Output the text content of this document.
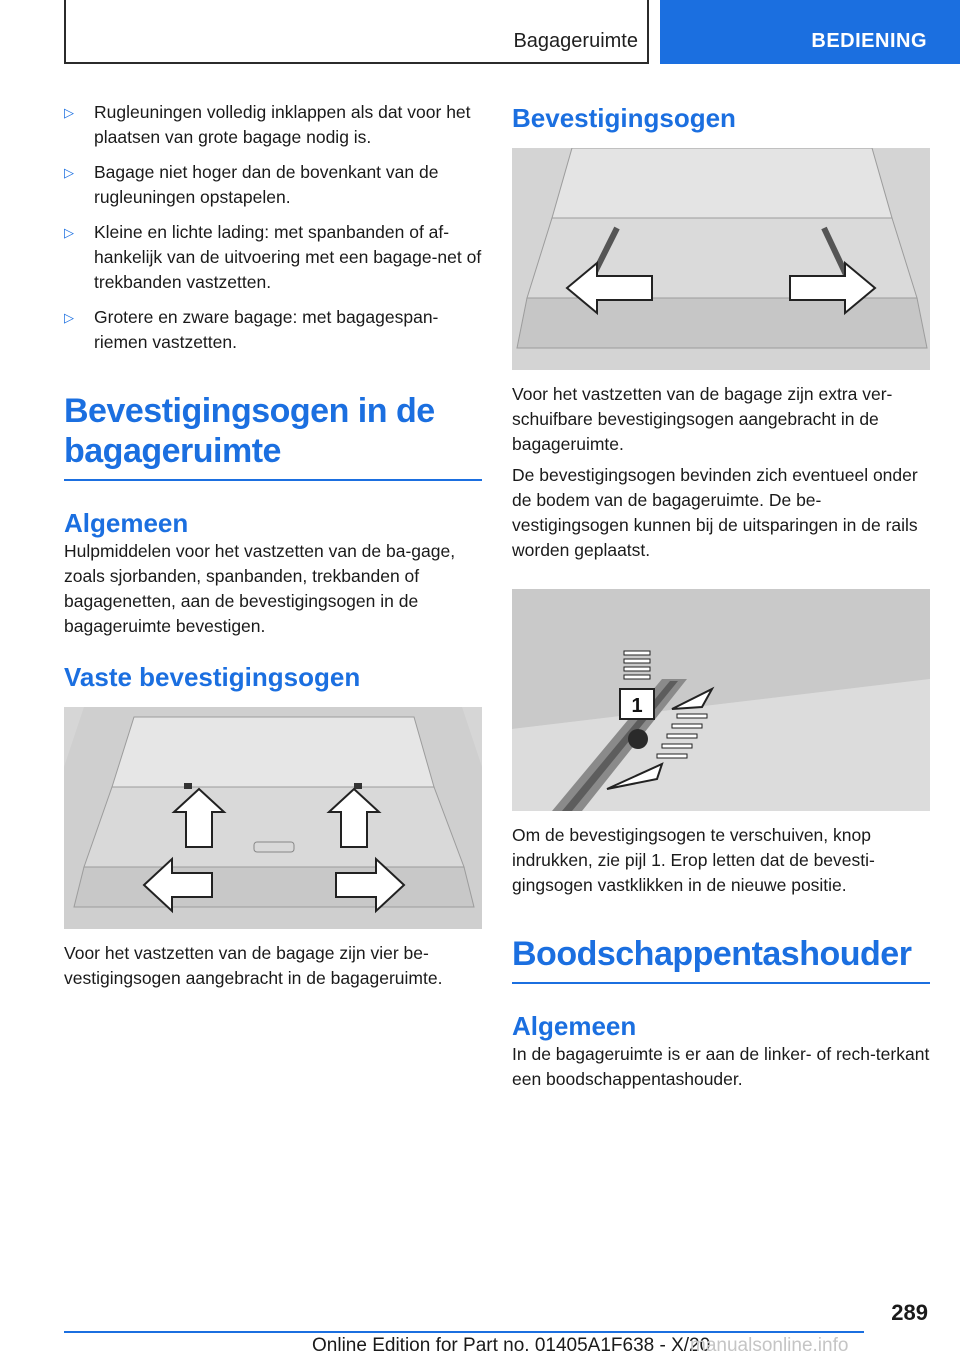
Bagageruimte	BEDIENING
▷ Rugleuningen volledig inklappen als dat voor het plaatsen van grote bagage nodig is.
▷ Bagage niet hoger dan de bovenkant van de rugleuningen opstapelen.
▷ Kleine en lichte lading: met spanbanden of af-hankelijk van de uitvoering met een bagage-net of trekbanden vastzetten.
▷ Grotere en zware bagage: met bagagespan-riemen vastzetten.
Bevestigingsogen in de bagageruimte
Algemeen

Hulpmiddelen voor het vastzetten van de ba-gage, zoals sjorbanden, spanbanden, trekbanden of bagagenetten, aan de bevestigingsogen in de bagageruimte bevestigen.

Vaste bevestigingsogen

Voor het vastzetten van de bagage zijn vier be-vestigingsogen aangebracht in de bagageruimte.

Bevestigingsogen

Voor het vastzetten van de bagage zijn extra ver-schuifbare bevestigingsogen aangebracht in de bagageruimte.

De bevestigingsogen bevinden zich eventueel onder de bodem van de bagageruimte. De be-vestigingsogen kunnen bij de uitsparingen in de rails worden geplaatst.

1

Om de bevestigingsogen te verschuiven, knop indrukken, zie pijl 1. Erop letten dat de bevesti-gingsogen vastklikken in de nieuwe positie.

Boodschappentashouder
Algemeen

In de bagageruimte is er aan de linker- of rech-terkant een boodschappentashouder.

289
Online Edition for Part no. 01405A1F638 - X/20
manualsonline.info
